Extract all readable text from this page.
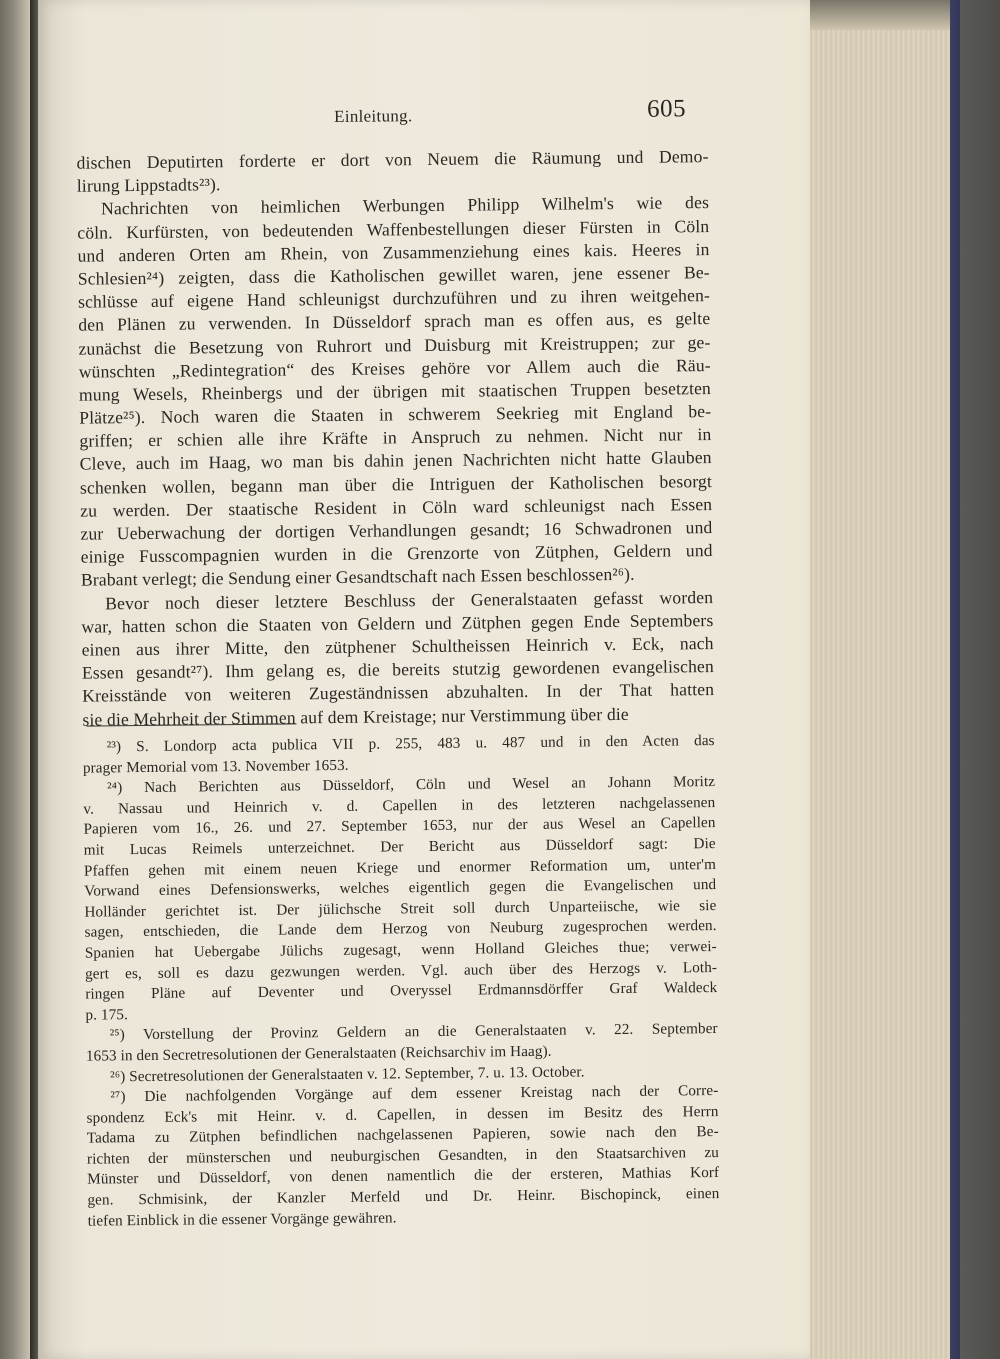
Einleitung.	605
dischen Deputirten forderte er dort von Neuem die Räumung und Demo-
lirung Lippstadts²³).
Nachrichten von heimlichen Werbungen Philipp Wilhelm's wie des
cöln. Kurfürsten, von bedeutenden Waffenbestellungen dieser Fürsten in Cöln
und anderen Orten am Rhein, von Zusammenziehung eines kais. Heeres in
Schlesien²⁴) zeigten, dass die Katholischen gewillet waren, jene essener Be-
schlüsse auf eigene Hand schleunigst durchzuführen und zu ihren weitgehen-
den Plänen zu verwenden. In Düsseldorf sprach man es offen aus, es gelte
zunächst die Besetzung von Ruhrort und Duisburg mit Kreistruppen; zur ge-
wünschten „Redintegration“ des Kreises gehöre vor Allem auch die Räu-
mung Wesels, Rheinbergs und der übrigen mit staatischen Truppen besetzten
Plätze²⁵). Noch waren die Staaten in schwerem Seekrieg mit England be-
griffen; er schien alle ihre Kräfte in Anspruch zu nehmen. Nicht nur in
Cleve, auch im Haag, wo man bis dahin jenen Nachrichten nicht hatte Glauben
schenken wollen, begann man über die Intriguen der Katholischen besorgt
zu werden. Der staatische Resident in Cöln ward schleunigst nach Essen
zur Ueberwachung der dortigen Verhandlungen gesandt; 16 Schwadronen und
einige Fusscompagnien wurden in die Grenzorte von Zütphen, Geldern und
Brabant verlegt; die Sendung einer Gesandtschaft nach Essen beschlossen²⁶).
Bevor noch dieser letztere Beschluss der Generalstaaten gefasst worden
war, hatten schon die Staaten von Geldern und Zütphen gegen Ende Septembers
einen aus ihrer Mitte, den zütphener Schultheissen Heinrich v. Eck, nach
Essen gesandt²⁷). Ihm gelang es, die bereits stutzig gewordenen evangelischen
Kreisstände von weiteren Zugeständnissen abzuhalten. In der That hatten
sie die Mehrheit der Stimmen auf dem Kreistage; nur Verstimmung über die
²³) S. Londorp acta publica VII p. 255, 483 u. 487 und in den Acten das
prager Memorial vom 13. November 1653.
²⁴) Nach Berichten aus Düsseldorf, Cöln und Wesel an Johann Moritz
v. Nassau und Heinrich v. d. Capellen in des letzteren nachgelassenen
Papieren vom 16., 26. und 27. September 1653, nur der aus Wesel an Capellen
mit Lucas Reimels unterzeichnet. Der Bericht aus Düsseldorf sagt: Die
Pfaffen gehen mit einem neuen Kriege und enormer Reformation um, unter'm
Vorwand eines Defensionswerks, welches eigentlich gegen die Evangelischen und
Holländer gerichtet ist. Der jülichsche Streit soll durch Unparteiische, wie sie
sagen, entschieden, die Lande dem Herzog von Neuburg zugesprochen werden.
Spanien hat Uebergabe Jülichs zugesagt, wenn Holland Gleiches thue; verwei-
gert es, soll es dazu gezwungen werden. Vgl. auch über des Herzogs v. Loth-
ringen Pläne auf Deventer und Overyssel Erdmannsdörffer Graf Waldeck
p. 175.
²⁵) Vorstellung der Provinz Geldern an die Generalstaaten v. 22. September
1653 in den Secretresolutionen der Generalstaaten (Reichsarchiv im Haag).
²⁶) Secretresolutionen der Generalstaaten v. 12. September, 7. u. 13. October.
²⁷) Die nachfolgenden Vorgänge auf dem essener Kreistag nach der Corre-
spondenz Eck's mit Heinr. v. d. Capellen, in dessen im Besitz des Herrn
Tadama zu Zütphen befindlichen nachgelassenen Papieren, sowie nach den Be-
richten der münsterschen und neuburgischen Gesandten, in den Staatsarchiven zu
Münster und Düsseldorf, von denen namentlich die der ersteren, Mathias Korf
gen. Schmisink, der Kanzler Merfeld und Dr. Heinr. Bischopinck, einen
tiefen Einblick in die essener Vorgänge gewähren.
